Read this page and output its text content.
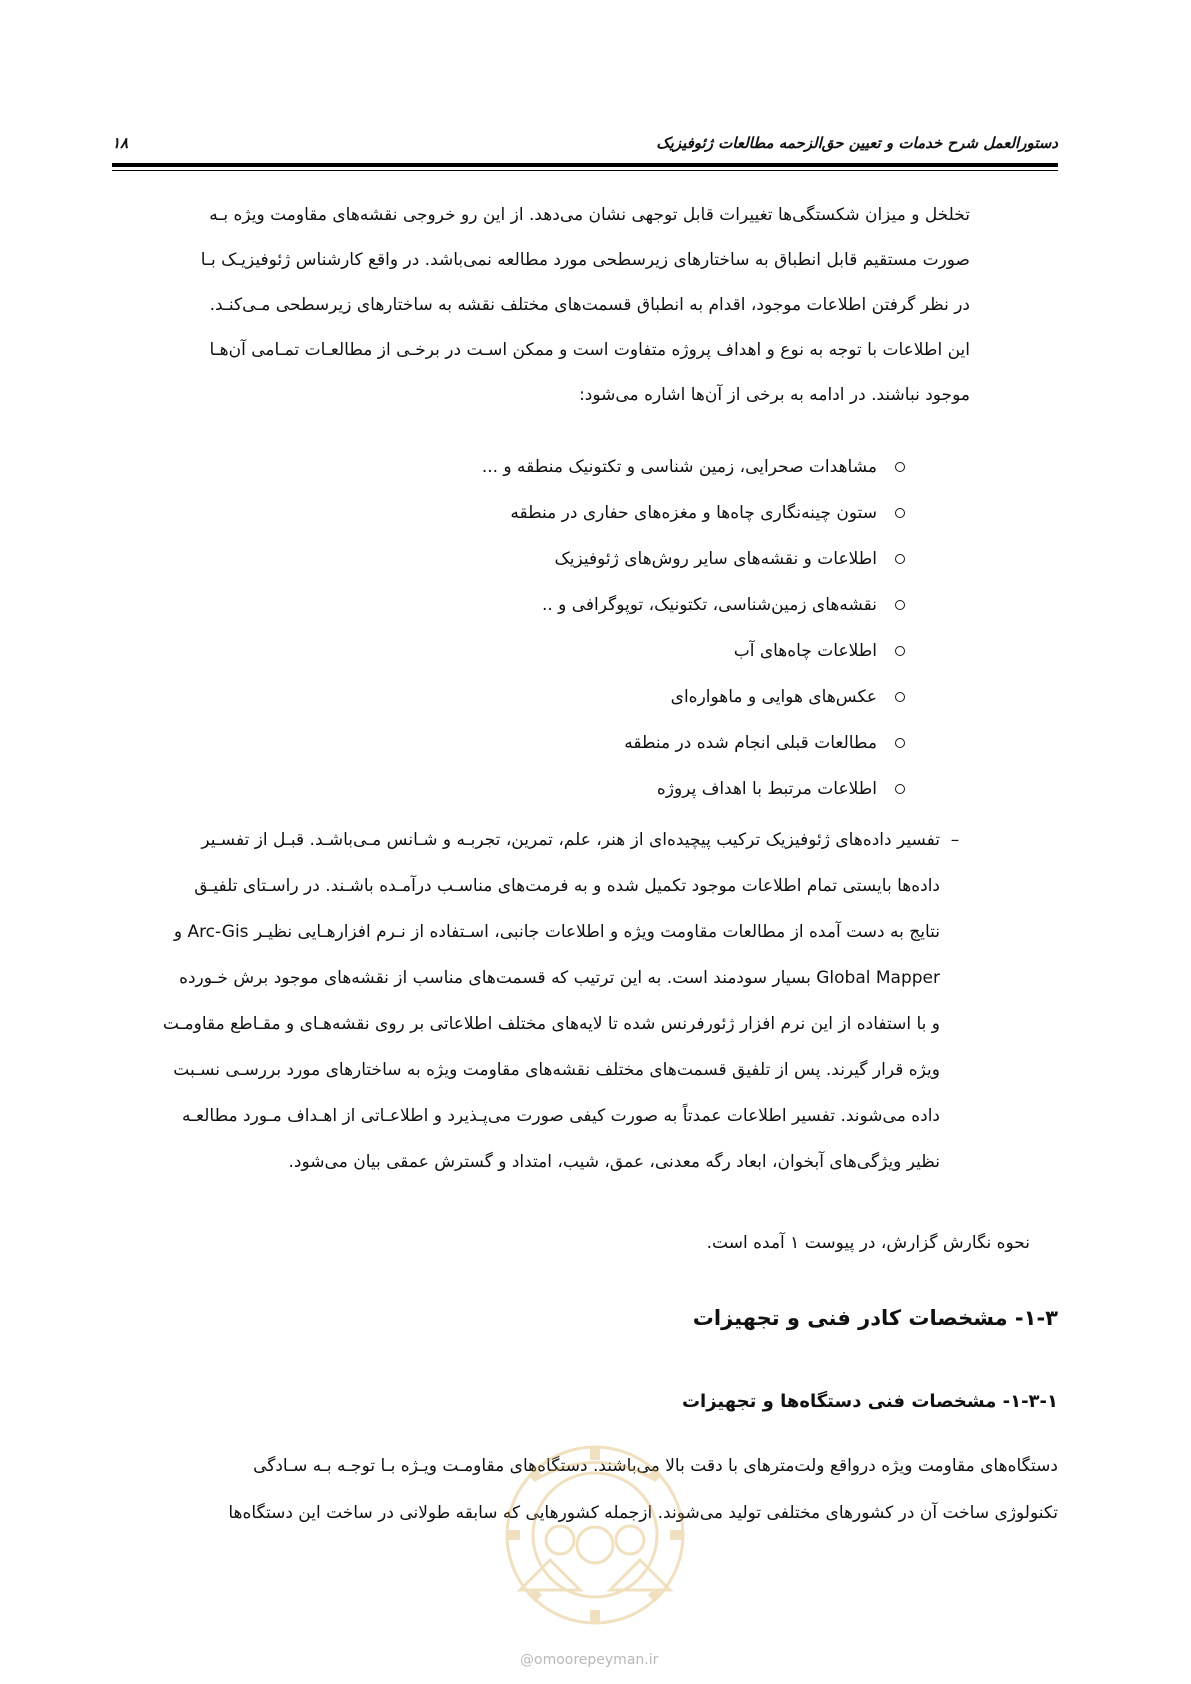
دستورالعمل شرح خدمات و تعیین حق‌الزحمه مطالعات ژئوفیزیک
۱۸

تخلخل و میزان شکستگی‌ها تغییرات قابل توجهی نشان می‌دهد. از این رو خروجی نقشه‌های مقاومت ویژه بـه

صورت مستقیم قابل انطباق به ساختارهای زیرسطحی مورد مطالعه نمی‌باشد. در واقع کارشناس ژئوفیزیـک بـا

در نظر گرفتن اطلاعات موجود، اقدام به انطباق قسمت‌های مختلف نقشه به ساختارهای زیرسطحی مـی‌کنـد.

این اطلاعات با توجه به نوع و اهداف پروژه متفاوت است و ممکن اسـت در برخـی از مطالعـات تمـامی آن‌هـا

موجود نباشند. در ادامه به برخی از آن‌ها اشاره می‌شود:

مشاهدات صحرایی، زمین شناسی و تکتونیک منطقه و ...
ستون چینه‌نگاری چاه‌ها و مغزه‌های حفاری در منطقه
اطلاعات و نقشه‌های سایر روش‌های ژئوفیزیک
نقشه‌های زمین‌شناسی، تکتونیک، توپوگرافی و ..
اطلاعات چاه‌های آب
عکس‌های هوایی و ماهواره‌ای
مطالعات قبلی انجام شده در منطقه
اطلاعات مرتبط با اهداف پروژه
–

تفسیر داده‌های ژئوفیزیک ترکیب پیچیده‌ای از هنر، علم، تمرین، تجربـه و شـانس مـی‌باشـد. قبـل از تفسـیر

داده‌ها بایستی تمام اطلاعات موجود تکمیل شده و به فرمت‌های مناسـب درآمـده باشـند. در راسـتای تلفیـق

نتایج به دست آمده از مطالعات مقاومت ویژه و اطلاعات جانبی، اسـتفاده از نـرم افزارهـایی نظیـر Arc-Gis و

Global Mapper بسیار سودمند است. به این ترتیب که قسمت‌های مناسب از نقشه‌های موجود برش خـورده

و با استفاده از این نرم افزار ژئورفرنس شده تا لایه‌های مختلف اطلاعاتی بر روی نقشه‌هـای و مقـاطع مقاومـت

ویژه قرار گیرند. پس از تلفیق قسمت‌های مختلف نقشه‌های مقاومت ویژه به ساختارهای مورد بررسـی نسـبت

داده می‌شوند. تفسیر اطلاعات عمدتاً به صورت کیفی صورت می‌پـذیرد و اطلاعـاتی از اهـداف مـورد مطالعـه

نظیر ویژگی‌های آبخوان، ابعاد رگه معدنی، عمق، شیب، امتداد و گسترش عمقی بیان می‌شود.

نحوه نگارش گزارش، در پیوست ۱ آمده است.
۱-۳- مشخصات کادر فنی و تجهیزات
۱-۳-۱- مشخصات فنی دستگاه‌ها و تجهیزات

دستگاه‌های مقاومت ویژه درواقع ولت‌مترهای با دقت بالا می‌باشند. دستگاه‌های مقاومـت ویـژه بـا توجـه بـه سـادگی

تکنولوژی ساخت آن در کشورهای مختلفی تولید می‌شوند. ازجمله کشورهایی که سابقه طولانی در ساخت این دستگاه‌ها

@omoorepeyman.ir
